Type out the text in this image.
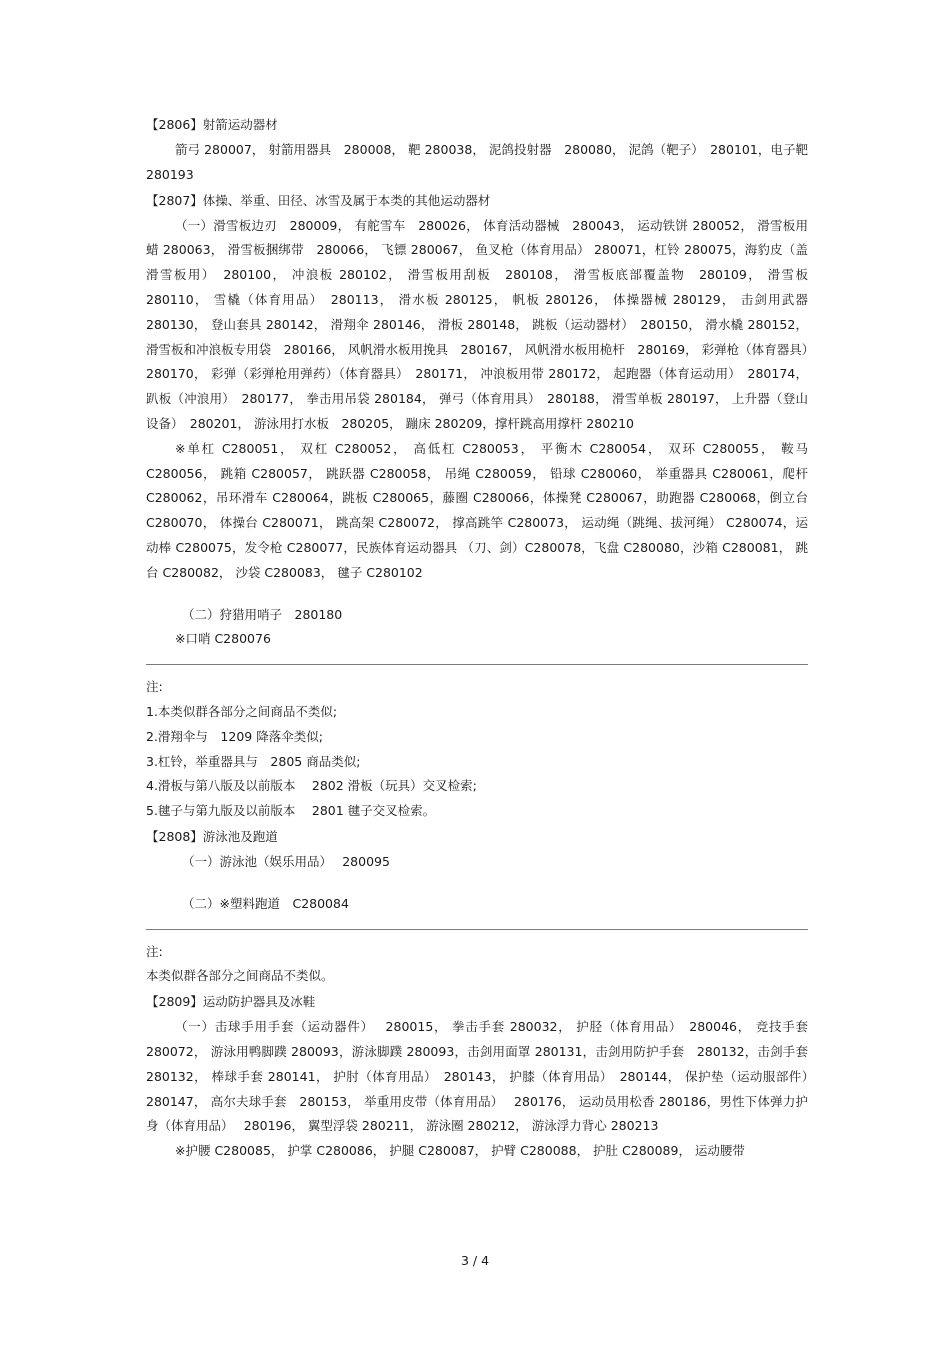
【2806】射箭运动器材

箭弓 280007， 射箭用器具　280008， 靶 280038， 泥鸽投射器　280080， 泥鸽（靶子）　280101，电子靶 280193

【2807】体操、举重、田径、冰雪及属于本类的其他运动器材

（一）滑雪板边刃　280009， 有舵雪车　280026， 体育活动器械　280043， 运动铁饼 280052， 滑雪板用蜡 280063， 滑雪板捆绑带　280066， 飞镖 280067， 鱼叉枪（体育用品） 280071，杠铃 280075，海豹皮（盖滑雪板用）　280100， 冲浪板 280102， 滑雪板用刮板　280108， 滑雪板底部覆盖物　280109， 滑雪板 280110， 雪橇（体育用品）　280113， 滑水板 280125， 帆板 280126， 体操器械 280129， 击剑用武器 280130， 登山套具 280142， 滑翔伞 280146， 滑板 280148， 跳板（运动器材）　280150， 滑水橇 280152， 滑雪板和冲浪板专用袋　280166， 风帆滑水板用挽具　280167， 风帆滑水板用桅杆　280169， 彩弹枪（体育器具）　280170， 彩弹（彩弹枪用弹药）（体育器具）　280171， 冲浪板用带 280172， 起跑器（体育运动用）　280174， 趴板（冲浪用）　280177， 拳击用吊袋 280184， 弹弓（体育用具）　280188， 滑雪单板 280197， 上升器（登山设备）　280201， 游泳用打水板　280205， 蹦床 280209，撑杆跳高用撑杆 280210

※单杠 C280051， 双杠 C280052， 高低杠 C280053， 平衡木 C280054， 双环 C280055， 鞍马 C280056， 跳箱 C280057， 跳跃器 C280058， 吊绳 C280059， 铅球 C280060， 举重器具 C280061，爬杆 C280062，吊环滑车 C280064，跳板 C280065，藤圈 C280066，体操凳 C280067，助跑器 C280068，倒立台 C280070， 体操台 C280071， 跳高架 C280072， 撑高跳竿 C280073， 运动绳（跳绳、拔河绳） C280074，运动棒 C280075，发令枪 C280077，民族体育运动器具 （刀、剑）C280078，飞盘 C280080，沙箱 C280081， 跳台 C280082， 沙袋 C280083， 毽子 C280102

（二）狩猎用哨子　280180

※口哨 C280076

注:

1.本类似群各部分之间商品不类似;

2.滑翔伞与　1209 降落伞类似;

3.杠铃，举重器具与　2805 商品类似;

4.滑板与第八版及以前版本　 2802 滑板（玩具）交叉检索;

5.毽子与第九版及以前版本　 2801 毽子交叉检索。

【2808】游泳池及跑道

（一）游泳池（娱乐用品）　 280095

（二）※塑料跑道　C280084

注:

本类似群各部分之间商品不类似。

【2809】运动防护器具及冰鞋

（一）击球手用手套（运动器件）　 280015， 拳击手套 280032， 护胫（体育用品）　280046， 竞技手套 280072， 游泳用鸭脚蹼 280093，游泳脚蹼 280093，击剑用面罩 280131，击剑用防护手套　280132，击剑手套 280132， 棒球手套 280141， 护肘（体育用品）　280143， 护膝（体育用品）　280144， 保护垫（运动服部件）　280147， 高尔夫球手套　280153， 举重用皮带（体育用品）　 280176， 运动员用松香 280186，男性下体弹力护身（体育用品）　 280196， 翼型浮袋 280211， 游泳圈 280212， 游泳浮力背心 280213

※护腰 C280085， 护掌 C280086， 护腿 C280087， 护臂 C280088， 护肚 C280089， 运动腰带

3 / 4
